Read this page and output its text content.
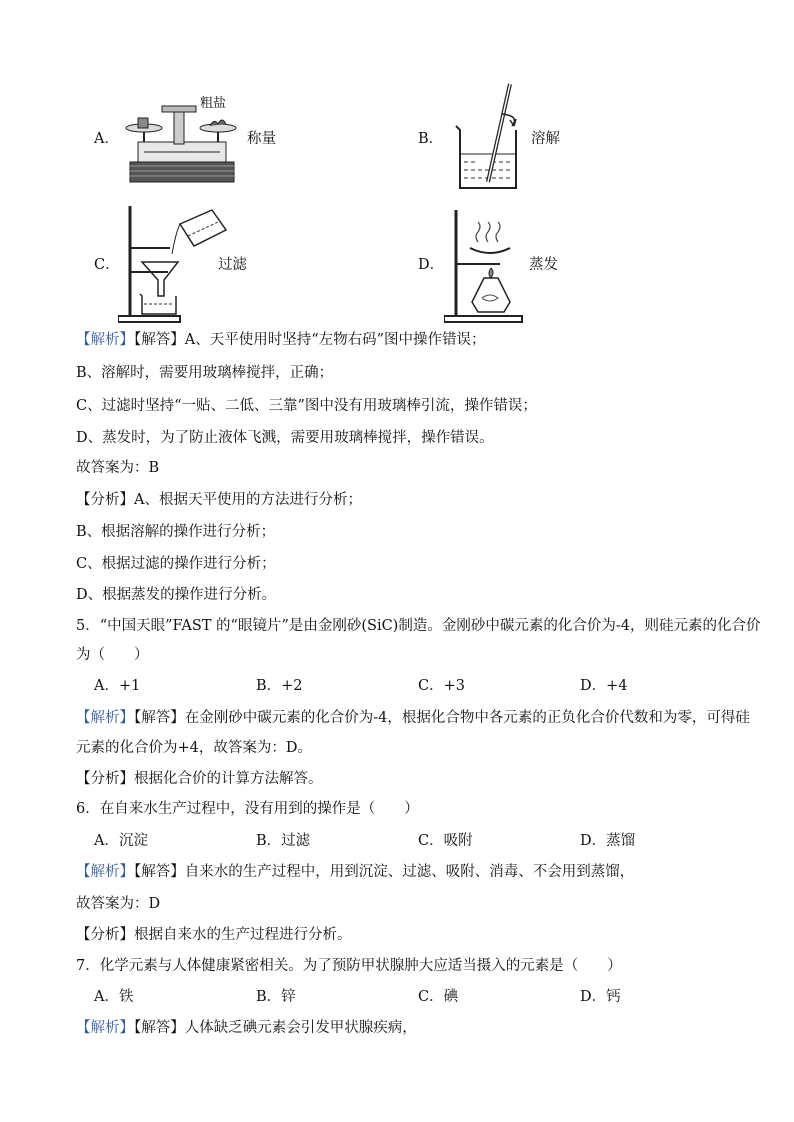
A．	称量
粗盐
B．	溶解
C．	过滤	D．	蒸发
【解析】【解答】A、天平使用时坚持“左物右码”图中操作错误；
B、溶解时，需要用玻璃棒搅拌，正确；
C、过滤时坚持“一贴、二低、三靠”图中没有用玻璃棒引流，操作错误；
D、蒸发时，为了防止液体飞溅，需要用玻璃棒搅拌，操作错误。
故答案为：B
【分析】A、根据天平使用的方法进行分析；
B、根据溶解的操作进行分析；
C、根据过滤的操作进行分析；
D、根据蒸发的操作进行分析。
5．“中国天眼”FAST 的“眼镜片”是由金刚砂(SiC)制造。金刚砂中碳元素的化合价为-4，则硅元素的化合价
为（　　）
A．+1	B．+2	C．+3	D．+4
【解析】【解答】在金刚砂中碳元素的化合价为-4，根据化合物中各元素的正负化合价代数和为零，可得硅
元素的化合价为+4，故答案为：D。
【分析】根据化合价的计算方法解答。
6．在自来水生产过程中，没有用到的操作是（　　）
A．沉淀	B．过滤	C．吸附	D．蒸馏
【解析】【解答】自来水的生产过程中，用到沉淀、过滤、吸附、消毒、不会用到蒸馏，
故答案为：D
【分析】根据自来水的生产过程进行分析。
7．化学元素与人体健康紧密相关。为了预防甲状腺肿大应适当摄入的元素是（　　）
A．铁	B．锌	C．碘	D．钙
【解析】【解答】人体缺乏碘元素会引发甲状腺疾病，
